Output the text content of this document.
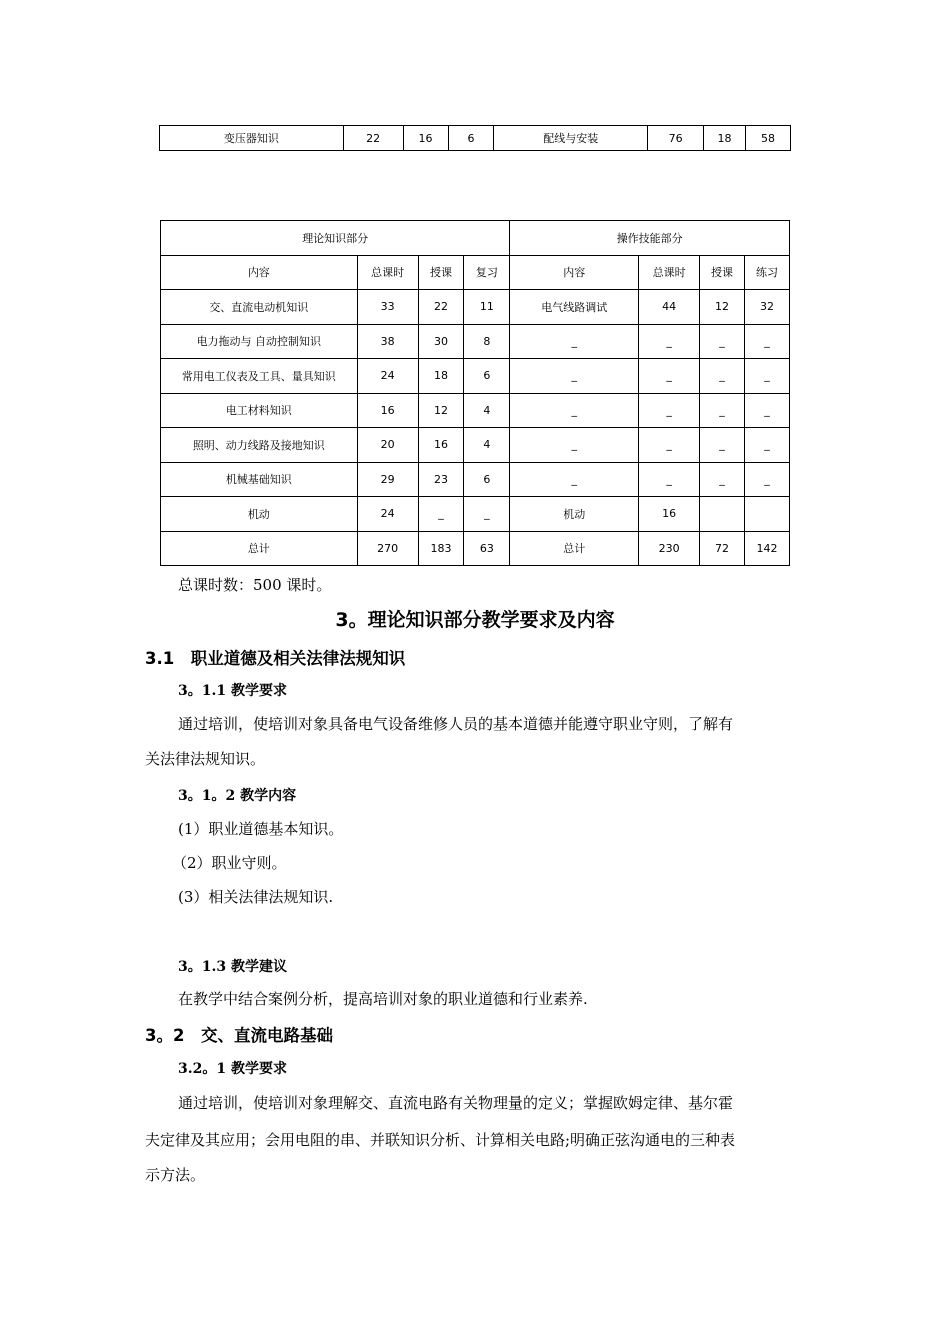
变压器知识	22	16	6	配线与安装	76	18	58
理论知识部分				操作技能部分			
内容	总课时	授课	复习	内容	总课时	授课	练习
交、直流电动机知识	33	22	11	电气线路调试	44	12	32
电力拖动与 自动控制知识	38	30	8	_	_	_	_
常用电工仪表及工具、量具知识	24	18	6	_	_	_	_
电工材料知识	16	12	4	_	_	_	_
照明、动力线路及接地知识	20	16	4	_	_	_	_
机械基础知识	29	23	6	_	_	_	_
机动	24	_	_	机动	16		
总计	270	183	63	总计	230	72	142
总课时数：500 课时。
3。理论知识部分教学要求及内容
3.1　职业道德及相关法律法规知识
3。1.1 教学要求
通过培训，使培训对象具备电气设备维修人员的基本道德并能遵守职业守则，了解有
关法律法规知识。
3。1。2 教学内容
(1）职业道德基本知识。
（2）职业守则。
(3）相关法律法规知识.
3。1.3 教学建议
在教学中结合案例分析，提高培训对象的职业道德和行业素养.
3。2　交、直流电路基础
3.2。1 教学要求
通过培训，使培训对象理解交、直流电路有关物理量的定义；掌握欧姆定律、基尔霍
夫定律及其应用；会用电阻的串、并联知识分析、计算相关电路;明确正弦沟通电的三种表
示方法。
